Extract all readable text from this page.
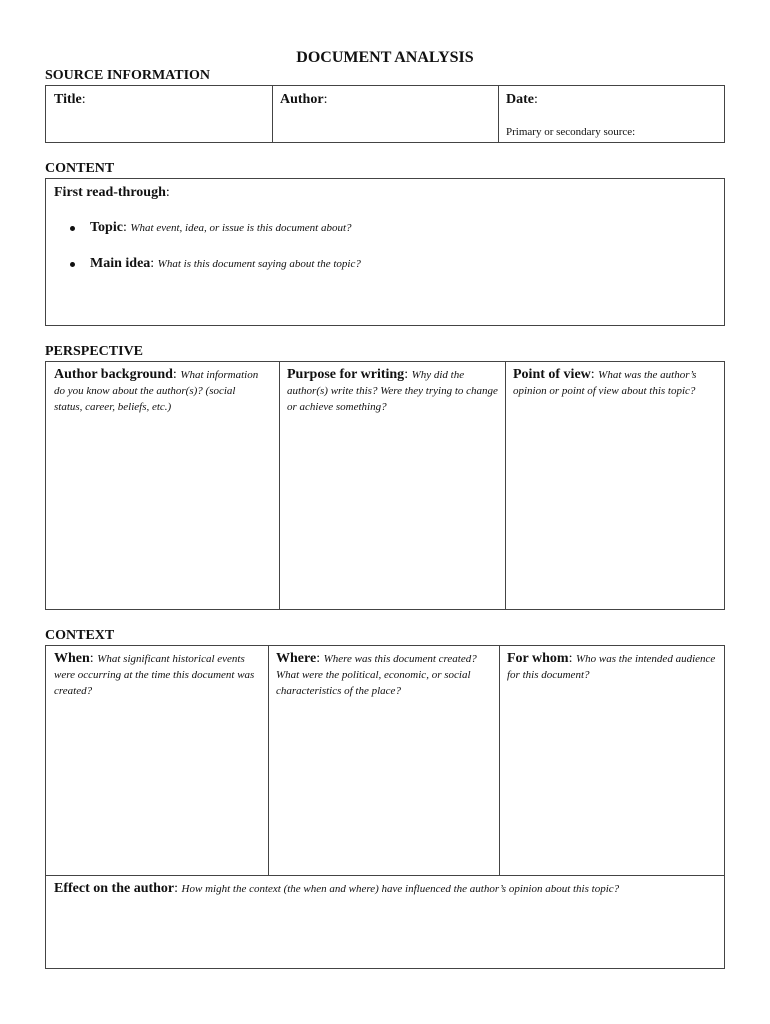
DOCUMENT ANALYSIS
SOURCE INFORMATION
Title:	Author:	Date:
Primary or secondary source:
CONTENT
First read-through:
Topic: What event, idea, or issue is this document about?
Main idea: What is this document saying about the topic?
PERSPECTIVE
Author background: What information do you know about the author(s)? (social status, career, beliefs, etc.)
Purpose for writing: Why did the author(s) write this? Were they trying to change or achieve something?
Point of view: What was the author’s opinion or point of view about this topic?
CONTEXT
When: What significant historical events were occurring at the time this document was created?
Where: Where was this document created? What were the political, economic, or social characteristics of the place?
For whom: Who was the intended audience for this document?
Effect on the author: How might the context (the when and where) have influenced the author’s opinion about this topic?
